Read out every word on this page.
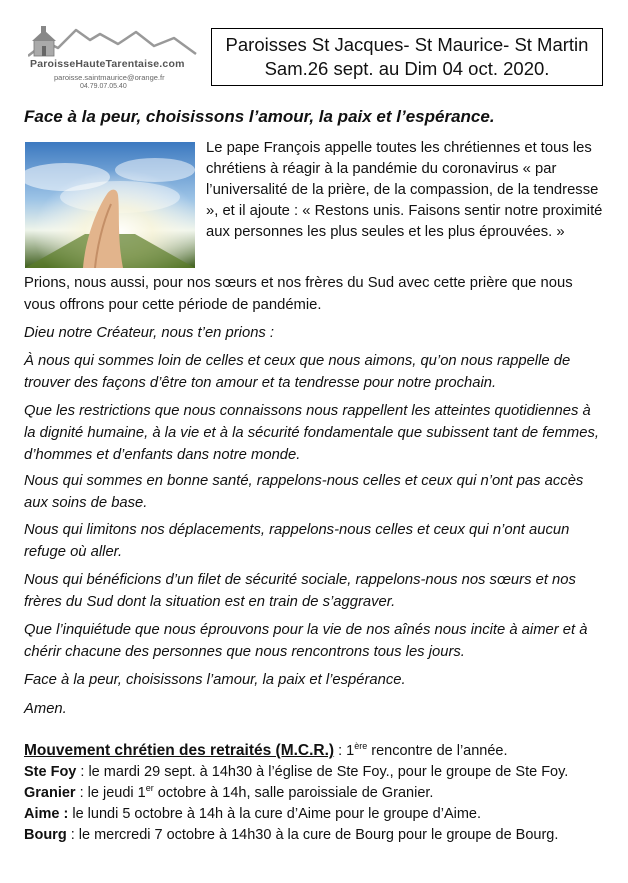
ParoisseHauteTarentaise.com
paroisse.saintmaurice@orange.fr
04.79.07.05.40
Paroisses St Jacques- St Maurice- St Martin
Sam.26 sept. au Dim 04 oct. 2020.
Face à la peur, choisissons l’amour, la paix et l’espérance.
Le pape François appelle toutes les chrétiennes et tous les chrétiens à réagir à la pandémie du coronavirus « par l’universalité de la prière, de la compassion, de la tendresse », et il ajoute : « Restons unis. Faisons sentir notre proximité aux personnes les plus seules et les plus éprouvées. »
Prions, nous aussi, pour nos sœurs et nos frères du Sud avec cette prière que nous vous offrons pour cette période de pandémie.
Dieu notre Créateur, nous t’en prions :
À nous qui sommes loin de celles et ceux que nous aimons, qu’on nous rappelle de trouver des façons d’être ton amour et ta tendresse pour notre prochain.
Que les restrictions que nous connaissons nous rappellent les atteintes quotidiennes à la dignité humaine, à la vie et à la sécurité fondamentale que subissent tant de femmes, d’hommes et d’enfants dans notre monde.
Nous qui sommes en bonne santé, rappelons-nous celles et ceux qui n’ont pas accès aux soins de base.
Nous qui limitons nos déplacements, rappelons-nous celles et ceux qui n’ont aucun refuge où aller.
Nous qui bénéficions d’un filet de sécurité sociale, rappelons-nous nos sœurs et nos frères du Sud dont la situation est en train de s’aggraver.
Que l’inquiétude que nous éprouvons pour la vie de nos aînés nous incite à aimer et à chérir chacune des personnes que nous rencontrons tous les jours.
Face à la peur, choisissons l’amour, la paix et l’espérance.
Amen.
Mouvement chrétien des retraités (M.C.R.) : 1ère rencontre de l’année.
Ste Foy : le mardi 29 sept. à 14h30 à l’église de Ste Foy., pour le groupe de Ste Foy.
Granier : le jeudi 1er octobre à 14h, salle paroissiale de Granier.
Aime : le lundi 5 octobre à 14h à la cure d’Aime pour le groupe d’Aime.
Bourg : le mercredi 7 octobre à 14h30 à la cure de Bourg pour le groupe de Bourg.
